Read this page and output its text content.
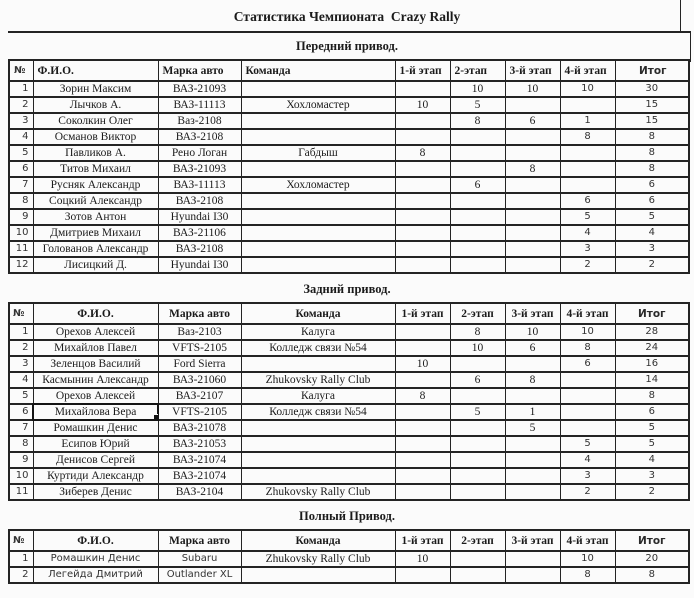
Статистика Чемпионата  Crazy Rally
Передний привод.
№	Ф.И.О.	Марка авто	Команда	1-й этап	2-этап	3-й этап	4-й этап	Итог
1	Зорин Максим	ВАЗ-21093			10	10	10	30
2	Лычков А.	ВАЗ-11113	Хохломастер	10	5			15
3	Соколкин Олег	Ваз-2108			8	6	1	15
4	Османов Виктор	ВАЗ-2108					8	8
5	Павликов А.	Рено Логан	Габдыш	8				8
6	Титов Михаил	ВАЗ-21093				8		8
7	Русняк Александр	ВАЗ-11113	Хохломастер		6			6
8	Соцкий Александр	ВАЗ-2108					6	6
9	Зотов Антон	Hyundai I30					5	5
10	Дмитриев Михаил	ВАЗ-21106					4	4
11	Голованов Александр	ВАЗ-2108					3	3
12	Лисицкий Д.	Hyundai I30					2	2
Задний привод.
№	Ф.И.О.	Марка авто	Команда	1-й этап	2-этап	3-й этап	4-й этап	Итог
1	Орехов Алексей	Ваз-2103	Калуга		8	10	10	28
2	Михайлов Павел	VFTS-2105	Колледж связи №54		10	6	8	24
3	Зеленцов Василий	Ford Sierra		10			6	16
4	Касмынин Александр	ВАЗ-21060	Zhukovsky Rally Club		6	8		14
5	Орехов Алексей	ВАЗ-2107	Калуга	8				8
6	Михайлова Вера	VFTS-2105	Колледж связи №54		5	1		6
7	Ромашкин Денис	ВАЗ-21078				5		5
8	Есипов Юрий	ВАЗ-21053					5	5
9	Денисов Сергей	ВАЗ-21074					4	4
10	Куртиди Александр	ВАЗ-21074					3	3
11	Зиберев Денис	ВАЗ-2104	Zhukovsky Rally Club				2	2
Полный Привод.
№	Ф.И.О.	Марка авто	Команда	1-й этап	2-этап	3-й этап	4-й этап	Итог
1	Ромашкин Денис	Subaru	Zhukovsky Rally Club	10			10	20
2	Легейда Дмитрий	Outlander XL					8	8
